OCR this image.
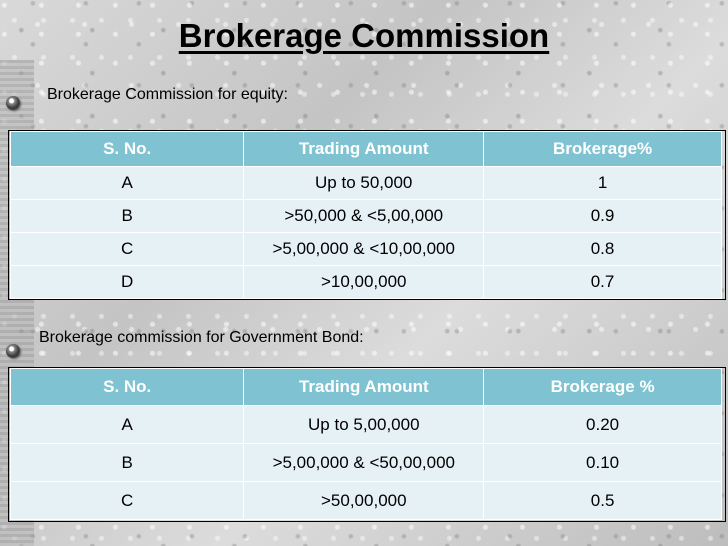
Brokerage Commission
Brokerage Commission for equity:
S. No.	Trading Amount	Brokerage%
A	Up to 50,000	1
B	>50,000 & <5,00,000	0.9
C	>5,00,000 & <10,00,000	0.8
D	>10,00,000	0.7
Brokerage commission for Government Bond:
S. No.	Trading Amount	Brokerage %
A	Up to 5,00,000	0.20
B	>5,00,000 & <50,00,000	0.10
C	>50,00,000	0.5
